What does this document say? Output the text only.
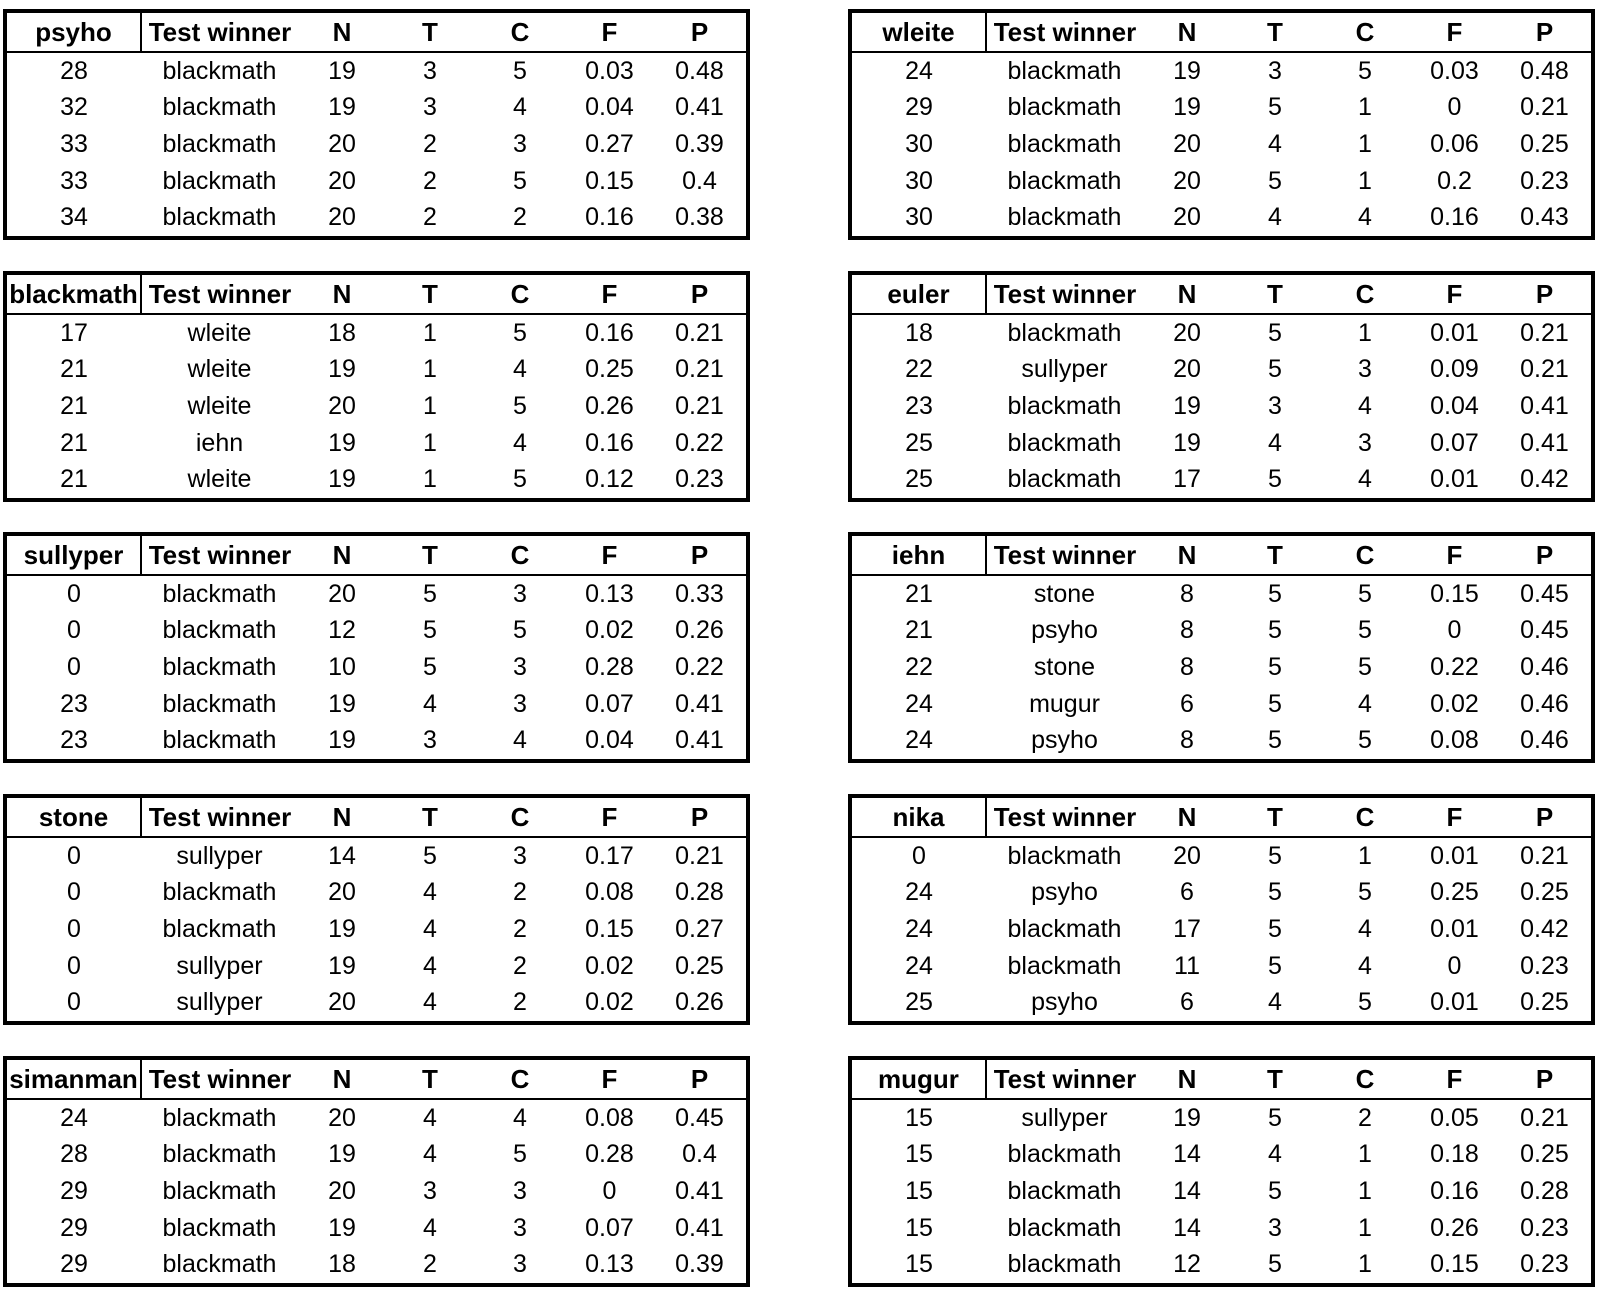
psyho	Test winner	N	T	C	F	P
28	blackmath	19	3	5	0.03	0.48
32	blackmath	19	3	4	0.04	0.41
33	blackmath	20	2	3	0.27	0.39
33	blackmath	20	2	5	0.15	0.4
34	blackmath	20	2	2	0.16	0.38
wleite	Test winner	N	T	C	F	P
24	blackmath	19	3	5	0.03	0.48
29	blackmath	19	5	1	0	0.21
30	blackmath	20	4	1	0.06	0.25
30	blackmath	20	5	1	0.2	0.23
30	blackmath	20	4	4	0.16	0.43
blackmath	Test winner	N	T	C	F	P
17	wleite	18	1	5	0.16	0.21
21	wleite	19	1	4	0.25	0.21
21	wleite	20	1	5	0.26	0.21
21	iehn	19	1	4	0.16	0.22
21	wleite	19	1	5	0.12	0.23
euler	Test winner	N	T	C	F	P
18	blackmath	20	5	1	0.01	0.21
22	sullyper	20	5	3	0.09	0.21
23	blackmath	19	3	4	0.04	0.41
25	blackmath	19	4	3	0.07	0.41
25	blackmath	17	5	4	0.01	0.42
sullyper	Test winner	N	T	C	F	P
0	blackmath	20	5	3	0.13	0.33
0	blackmath	12	5	5	0.02	0.26
0	blackmath	10	5	3	0.28	0.22
23	blackmath	19	4	3	0.07	0.41
23	blackmath	19	3	4	0.04	0.41
iehn	Test winner	N	T	C	F	P
21	stone	8	5	5	0.15	0.45
21	psyho	8	5	5	0	0.45
22	stone	8	5	5	0.22	0.46
24	mugur	6	5	4	0.02	0.46
24	psyho	8	5	5	0.08	0.46
stone	Test winner	N	T	C	F	P
0	sullyper	14	5	3	0.17	0.21
0	blackmath	20	4	2	0.08	0.28
0	blackmath	19	4	2	0.15	0.27
0	sullyper	19	4	2	0.02	0.25
0	sullyper	20	4	2	0.02	0.26
nika	Test winner	N	T	C	F	P
0	blackmath	20	5	1	0.01	0.21
24	psyho	6	5	5	0.25	0.25
24	blackmath	17	5	4	0.01	0.42
24	blackmath	11	5	4	0	0.23
25	psyho	6	4	5	0.01	0.25
simanman	Test winner	N	T	C	F	P
24	blackmath	20	4	4	0.08	0.45
28	blackmath	19	4	5	0.28	0.4
29	blackmath	20	3	3	0	0.41
29	blackmath	19	4	3	0.07	0.41
29	blackmath	18	2	3	0.13	0.39
mugur	Test winner	N	T	C	F	P
15	sullyper	19	5	2	0.05	0.21
15	blackmath	14	4	1	0.18	0.25
15	blackmath	14	5	1	0.16	0.28
15	blackmath	14	3	1	0.26	0.23
15	blackmath	12	5	1	0.15	0.23
